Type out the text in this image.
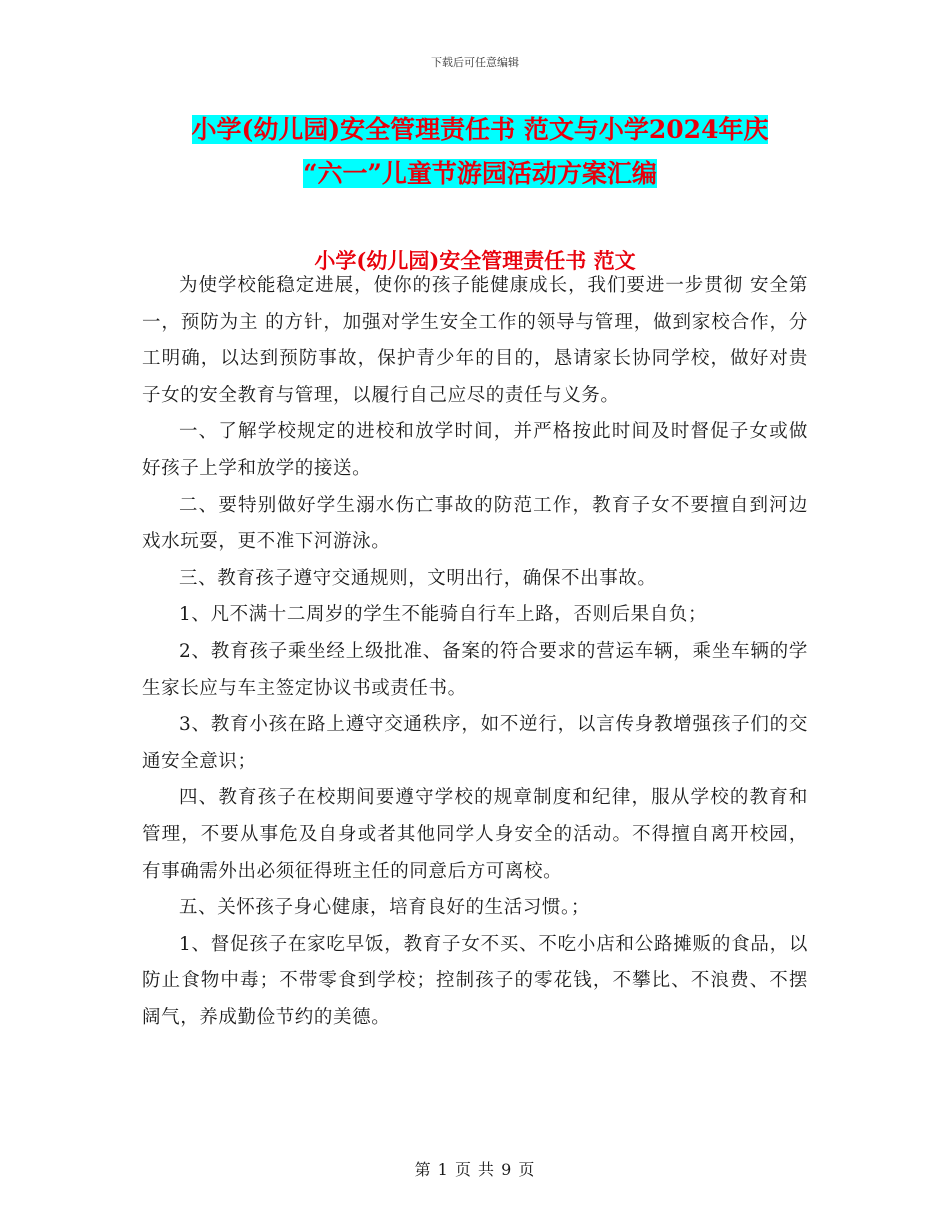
下载后可任意编辑
小学(幼儿园)安全管理责任书 范文与小学2024年庆
“六一”儿童节游园活动方案汇编
小学(幼儿园)安全管理责任书 范文

为使学校能稳定进展，使你的孩子能健康成长，我们要进一步贯彻 安全第一，预防为主 的方针，加强对学生安全工作的领导与管理，做到家校合作，分工明确，以达到预防事故，保护青少年的目的，恳请家长协同学校，做好对贵子女的安全教育与管理，以履行自己应尽的责任与义务。

一、了解学校规定的进校和放学时间，并严格按此时间及时督促子女或做好孩子上学和放学的接送。

二、要特别做好学生溺水伤亡事故的防范工作，教育子女不要擅自到河边戏水玩耍，更不准下河游泳。

三、教育孩子遵守交通规则，文明出行，确保不出事故。

1、凡不满十二周岁的学生不能骑自行车上路，否则后果自负；

2、教育孩子乘坐经上级批准、备案的符合要求的营运车辆，乘坐车辆的学生家长应与车主签定协议书或责任书。

3、教育小孩在路上遵守交通秩序，如不逆行，以言传身教增强孩子们的交通安全意识；

四、教育孩子在校期间要遵守学校的规章制度和纪律，服从学校的教育和管理，不要从事危及自身或者其他同学人身安全的活动。不得擅自离开校园，有事确需外出必须征得班主任的同意后方可离校。

五、关怀孩子身心健康，培育良好的生活习惯。；

1、督促孩子在家吃早饭，教育子女不买、不吃小店和公路摊贩的食品，以防止食物中毒；不带零食到学校；控制孩子的零花钱，不攀比、不浪费、不摆阔气，养成勤俭节约的美德。

第 1 页 共 9 页
